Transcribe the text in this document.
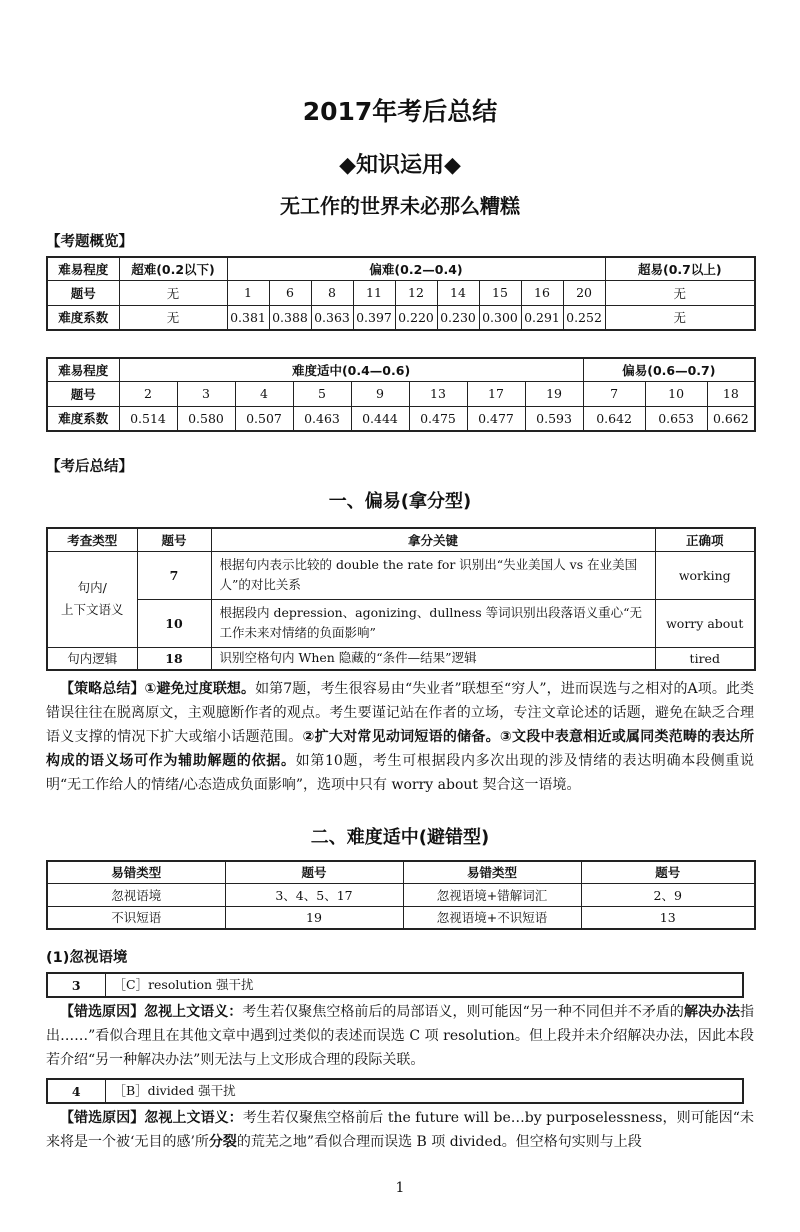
2017年考后总结
◆知识运用◆
无工作的世界未必那么糟糕
【考题概览】
难易程度	超难(0.2以下)	偏难(0.2—0.4)									超易(0.7以上)
题号	无	1	6	8	11	12	14	15	16	20	无
难度系数	无	0.381	0.388	0.363	0.397	0.220	0.230	0.300	0.291	0.252	无
难易程度	难度适中(0.4—0.6)								偏易(0.6—0.7)		
题号	2	3	4	5	9	13	17	19	7	10	18
难度系数	0.514	0.580	0.507	0.463	0.444	0.475	0.477	0.593	0.642	0.653	0.662
【考后总结】
一、偏易(拿分型)
考查类型	题号	拿分关键	正确项
句内/
上下文语义	7	根据句内表示比较的 double the rate for 识别出“失业美国人 vs 在业美国人”的对比关系	working
	10	根据段内 depression、agonizing、dullness 等词识别出段落语义重心“无工作未来对情绪的负面影响”	worry about
句内逻辑	18	识别空格句内 When 隐藏的“条件—结果”逻辑	tired
【策略总结】①避免过度联想。如第7题，考生很容易由“失业者”联想至“穷人”，进而误选与之相对的A项。此类错误往往在脱离原文，主观臆断作者的观点。考生要谨记站在作者的立场，专注文章论述的话题，避免在缺乏合理语义支撑的情况下扩大或缩小话题范围。②扩大对常见动词短语的储备。③文段中表意相近或属同类范畴的表达所构成的语义场可作为辅助解题的依据。如第10题，考生可根据段内多次出现的涉及情绪的表达明确本段侧重说明“无工作给人的情绪/心态造成负面影响”，选项中只有 worry about 契合这一语境。
二、难度适中(避错型)
易错类型	题号	易错类型	题号
忽视语境	3、4、5、17	忽视语境+错解词汇	2、9
不识短语	19	忽视语境+不识短语	13
(1)忽视语境
3	［C］resolution 强干扰
【错选原因】忽视上文语义：考生若仅聚焦空格前后的局部语义，则可能因“另一种不同但并不矛盾的解决办法指出……”看似合理且在其他文章中遇到过类似的表述而误选 C 项 resolution。但上段并未介绍解决办法，因此本段若介绍“另一种解决办法”则无法与上文形成合理的段际关联。
4	［B］divided 强干扰
【错选原因】忽视上文语义：考生若仅聚焦空格前后 the future will be…by purposelessness，则可能因“未来将是一个被‘无目的感’所分裂的荒芜之地”看似合理而误选 B 项 divided。但空格句实则与上段
1
